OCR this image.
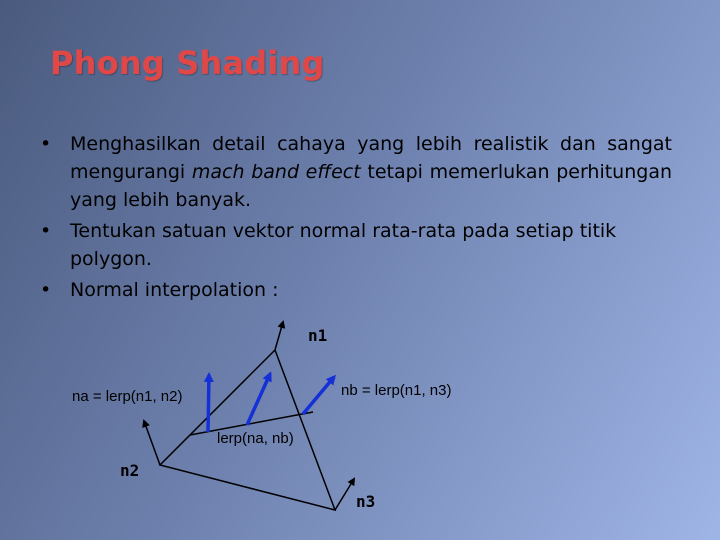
Phong Shading
• Menghasilkan detail cahaya yang lebih realistik dan sangat mengurangi mach band effect tetapi memerlukan perhitungan yang lebih banyak.
• Tentukan satuan vektor normal rata-rata pada setiap titik polygon.
• Normal interpolation :
n1
n2
n3
na = lerp(n1, n2)	nb = lerp(n1, n3)
lerp(na, nb)
